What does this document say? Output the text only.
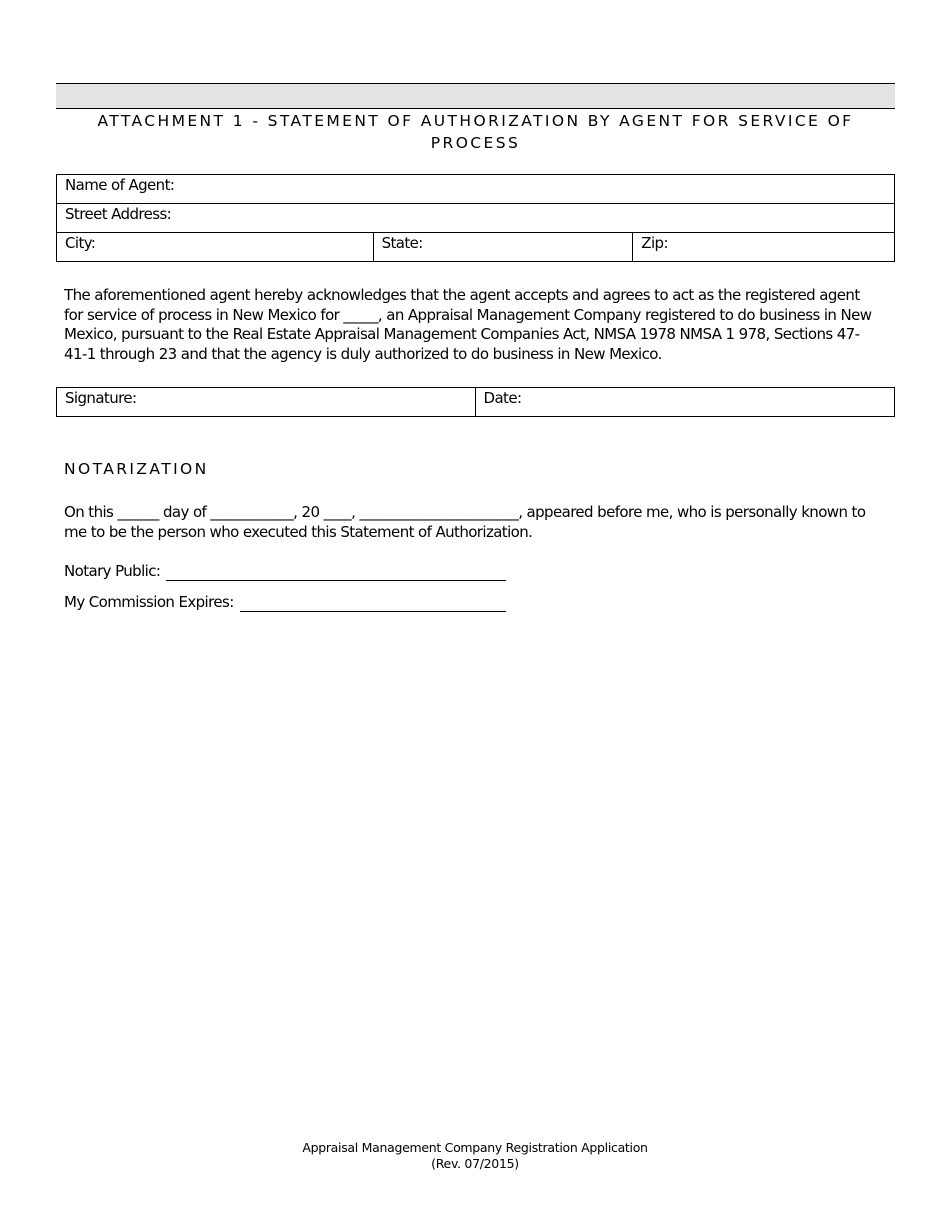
ATTACHMENT 1 - STATEMENT OF AUTHORIZATION BY AGENT FOR SERVICE OF PROCESS
Name of Agent:
Street Address:
City:	State:	Zip:
The aforementioned agent hereby acknowledges that the agent accepts and agrees to act as the registered agent for service of process in New Mexico for _____, an Appraisal Management Company registered to do business in New Mexico, pursuant to the Real Estate Appraisal Management Companies Act, NMSA 1978 NMSA 1 978, Sections 47-41-1 through 23 and that the agency is duly authorized to do business in New Mexico.
Signature:	Date:
NOTARIZATION
On this ______ day of ____________, 20 ____, _______________________, appeared before me, who is personally known to me to be the person who executed this Statement of Authorization.
Notary Public:
My Commission Expires:
Appraisal Management Company Registration Application
(Rev. 07/2015)
